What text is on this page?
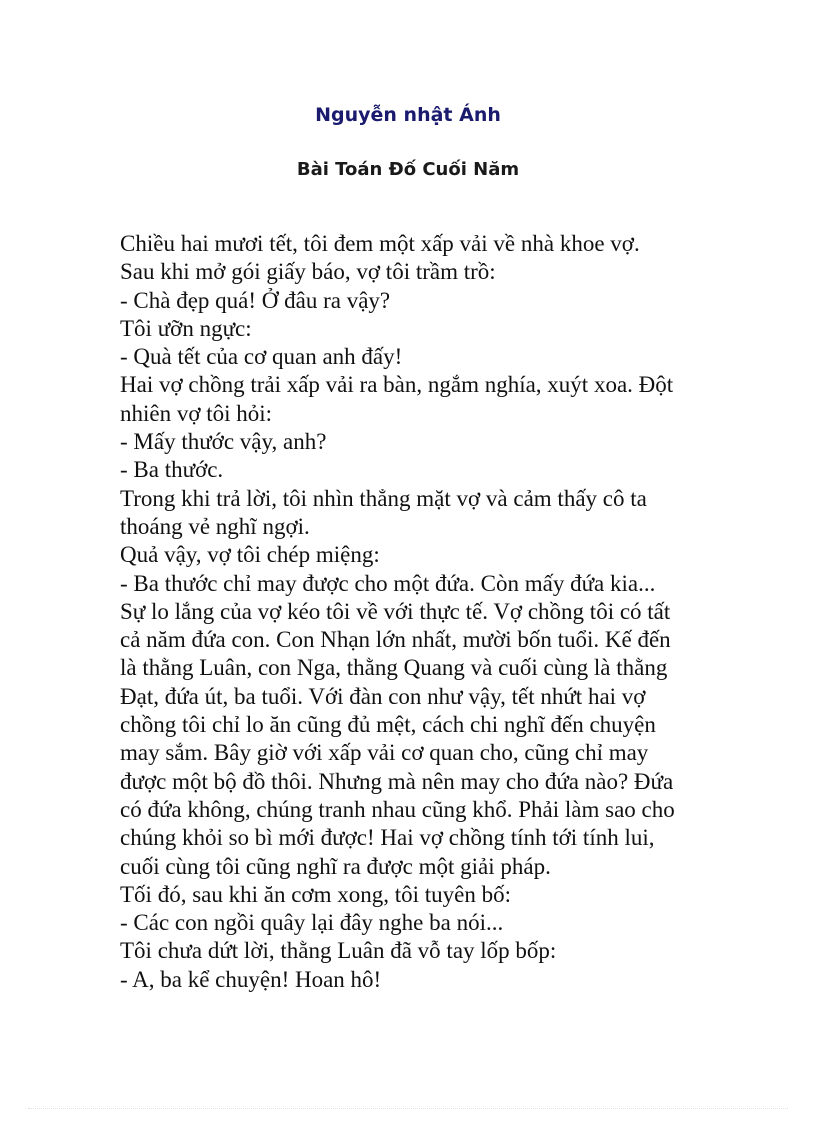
Nguyễn nhật Ánh
Bài Toán Đố Cuối Năm
Chiều hai mươi tết, tôi đem một xấp vải về nhà khoe vợ.
Sau khi mở gói giấy báo, vợ tôi trầm trồ:
- Chà đẹp quá! Ở đâu ra vậy?
Tôi ưỡn ngực:
- Quà tết của cơ quan anh đấy!
Hai vợ chồng trải xấp vải ra bàn, ngắm nghía, xuýt xoa. Đột
nhiên vợ tôi hỏi:
- Mấy thước vậy, anh?
- Ba thước.
Trong khi trả lời, tôi nhìn thẳng mặt vợ và cảm thấy cô ta
thoáng vẻ nghĩ ngợi.
Quả vậy, vợ tôi chép miệng:
- Ba thước chỉ may được cho một đứa. Còn mấy đứa kia...
Sự lo lắng của vợ kéo tôi về với thực tế. Vợ chồng tôi có tất
cả năm đứa con. Con Nhạn lớn nhất, mười bốn tuổi. Kế đến
là thằng Luân, con Nga, thằng Quang và cuối cùng là thằng
Đạt, đứa út, ba tuổi. Với đàn con như vậy, tết nhứt hai vợ
chồng tôi chỉ lo ăn cũng đủ mệt, cách chi nghĩ đến chuyện
may sắm. Bây giờ với xấp vải cơ quan cho, cũng chỉ may
được một bộ đồ thôi. Nhưng mà nên may cho đứa nào? Đứa
có đứa không, chúng tranh nhau cũng khổ. Phải làm sao cho
chúng khỏi so bì mới được! Hai vợ chồng tính tới tính lui,
cuối cùng tôi cũng nghĩ ra được một giải pháp.
Tối đó, sau khi ăn cơm xong, tôi tuyên bố:
- Các con ngồi quây lại đây nghe ba nói...
Tôi chưa dứt lời, thằng Luân đã vỗ tay lốp bốp:
- A, ba kể chuyện! Hoan hô!
